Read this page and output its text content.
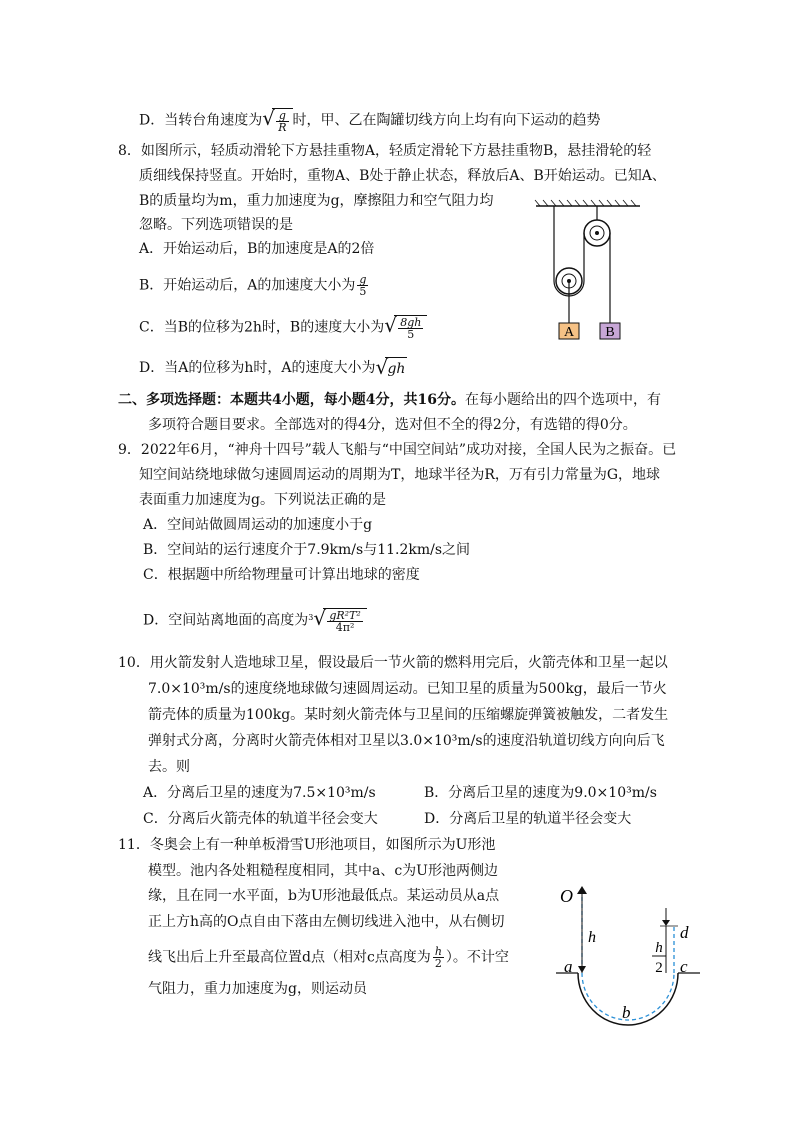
D．当转台角速度为 √ $\frac{g}{R}$ 时，甲、乙在陶罐切线方向上均有向下运动的趋势
8．如图所示，轻质动滑轮下方悬挂重物A，轻质定滑轮下方悬挂重物B，悬挂滑轮的轻
质细线保持竖直。开始时，重物A、B处于静止状态，释放后A、B开始运动。已知A、
B的质量均为m，重力加速度为g，摩擦阻力和空气阻力均
忽略。下列选项错误的是
A．开始运动后，B的加速度是A的2倍
B．开始运动后，A的加速度大小为 $\frac{g}{5}$
C．当B的位移为2h时，B的速度大小为 √ $\frac{8gh}{5}$
D．当A的位移为h时，A的速度大小为 √ gh
A B
二、多项选择题：本题共4小题，每小题4分，共16分。在每小题给出的四个选项中，有
多项符合题目要求。全部选对的得4分，选对但不全的得2分，有选错的得0分。
9．2022年6月，“神舟十四号”载人飞船与“中国空间站”成功对接，全国人民为之振奋。已
知空间站绕地球做匀速圆周运动的周期为T，地球半径为R，万有引力常量为G，地球
表面重力加速度为g。下列说法正确的是
A．空间站做圆周运动的加速度小于g
B．空间站的运行速度介于7.9km/s与11.2km/s之间
C．根据题中所给物理量可计算出地球的密度
D．空间站离地面的高度为$^3$ √ $\frac{\text{gR²T²}}{\text{4π²}}$
10．用火箭发射人造地球卫星，假设最后一节火箭的燃料用完后，火箭壳体和卫星一起以
7.0×10³m/s的速度绕地球做匀速圆周运动。已知卫星的质量为500kg，最后一节火
箭壳体的质量为100kg。某时刻火箭壳体与卫星间的压缩螺旋弹簧被触发，二者发生
弹射式分离，分离时火箭壳体相对卫星以3.0×10³m/s的速度沿轨道切线方向向后飞
去。则
A．分离后卫星的速度为7.5×10³m/s	B．分离后卫星的速度为9.0×10³m/s
C．分离后火箭壳体的轨道半径会变大	D．分离后卫星的轨道半径会变大
11．冬奥会上有一种单板滑雪U形池项目，如图所示为U形池
模型。池内各处粗糙程度相同，其中a、c为U形池两侧边
缘，且在同一水平面，b为U形池最低点。某运动员从a点
正上方h高的O点自由下落由左侧切线进入池中，从右侧切
线飞出后上升至最高位置d点（相对c点高度为 $\frac{h}{2}$ ）。不计空
气阻力，重力加速度为g，则运动员
O
h
h
2
d
a	c
b
